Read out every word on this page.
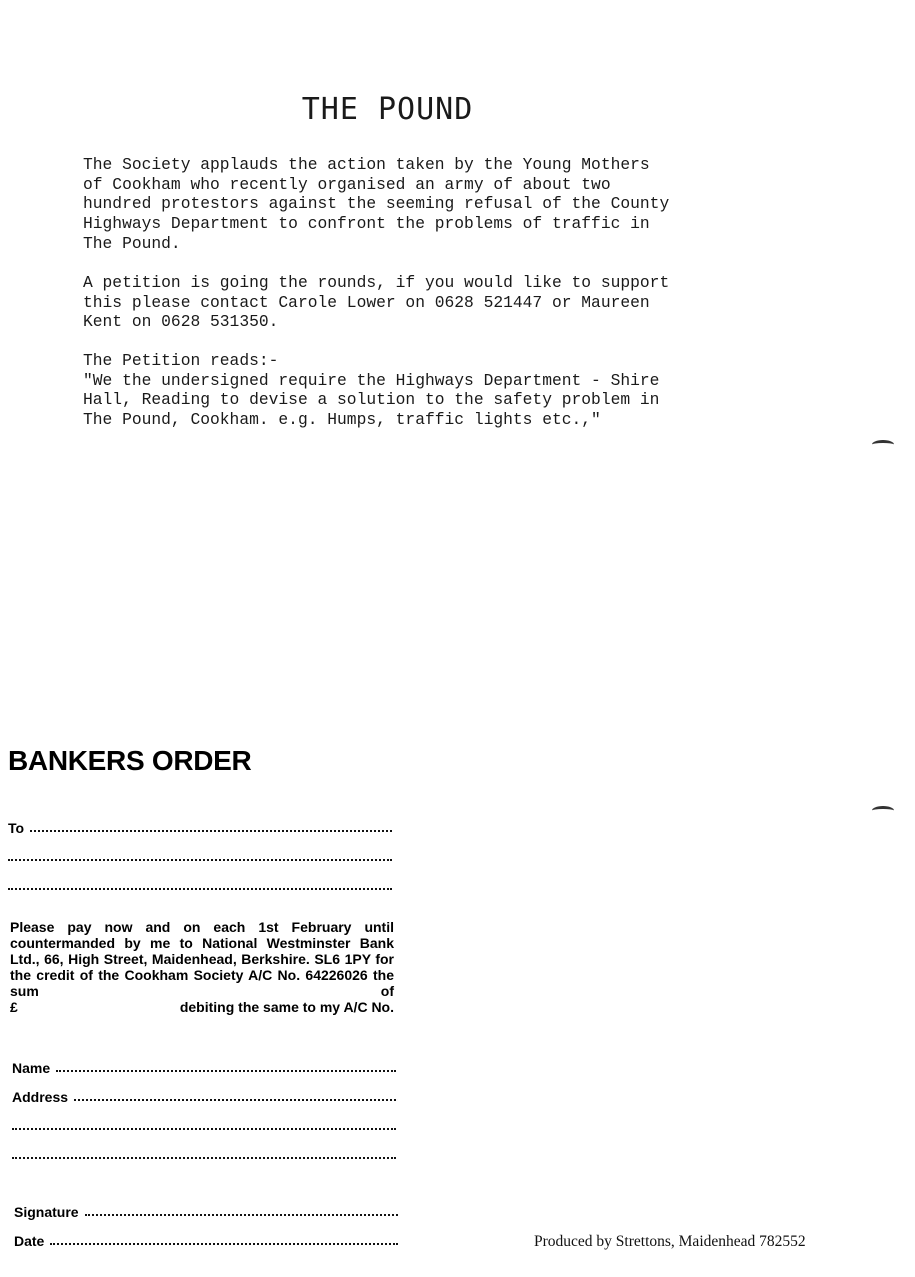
THE POUND
The Society applauds the action taken by the Young Mothers
of Cookham who recently organised an army of about two
hundred protestors against the seeming refusal of the County
Highways Department to confront the problems of traffic in
The Pound.
A petition is going the rounds, if you would like to support
this please contact Carole Lower on 0628 521447 or Maureen
Kent on 0628 531350.
The Petition reads:-
"We the undersigned require the Highways Department - Shire
Hall, Reading to devise a solution to the safety problem in
The Pound, Cookham. e.g. Humps, traffic lights etc.,"
BANKERS ORDER
To
Please pay now and on each 1st February until countermanded by me to National Westminster Bank Ltd., 66, High Street, Maidenhead, Berkshire. SL6 1PY for the credit of the Cookham Society A/C No. 64226026 the sum of
£	debiting the same to my A/C No.
Name
Address
Signature
Date	Produced by Strettons, Maidenhead 782552
